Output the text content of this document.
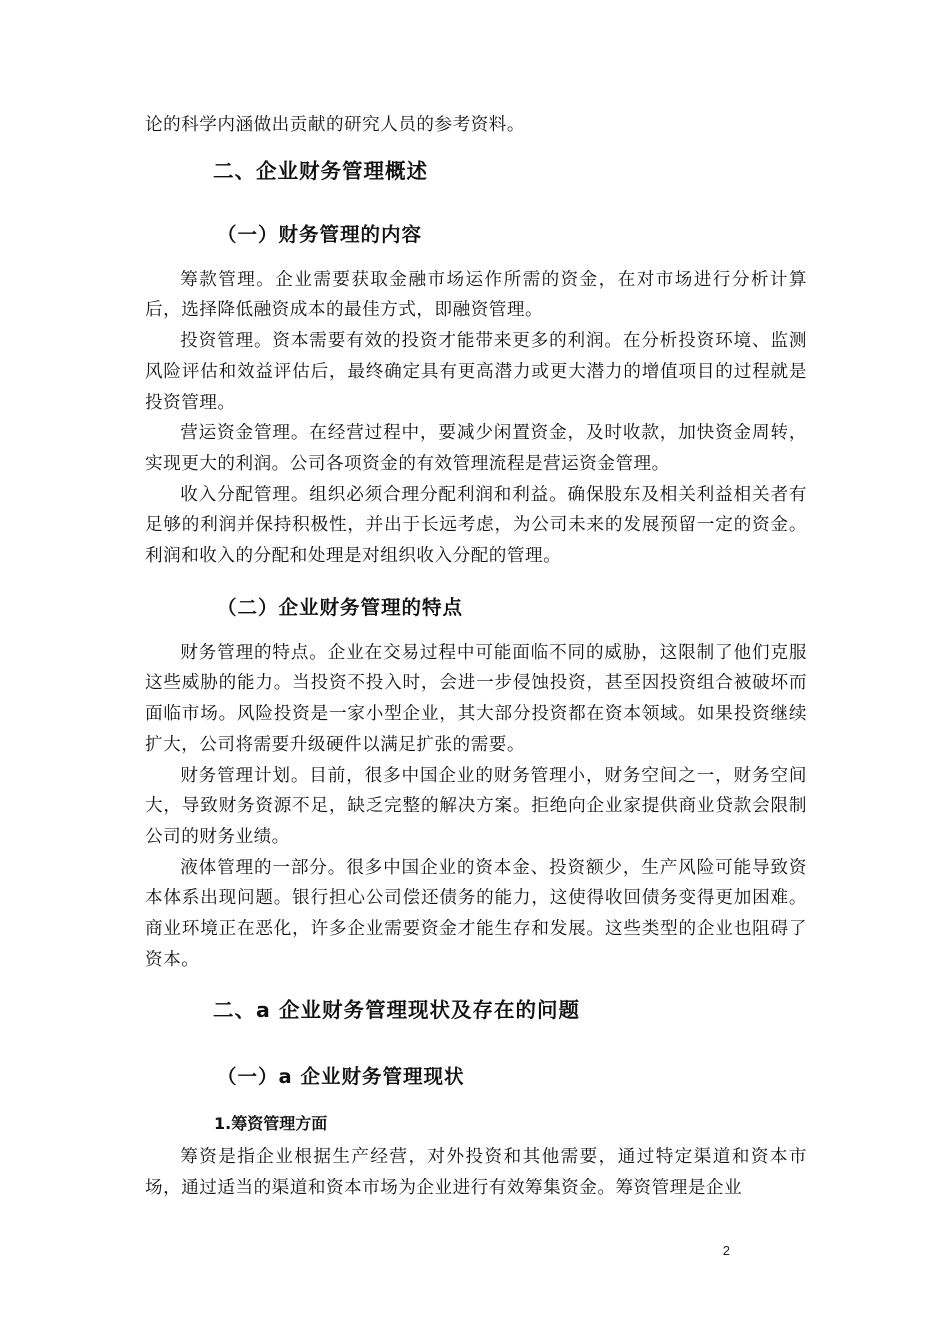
论的科学内涵做出贡献的研究人员的参考资料。

二、企业财务管理概述
（一）财务管理的内容

筹款管理。企业需要获取金融市场运作所需的资金，在对市场进行分析计算后，选择降低融资成本的最佳方式，即融资管理。

投资管理。资本需要有效的投资才能带来更多的利润。在分析投资环境、监测风险评估和效益评估后，最终确定具有更高潜力或更大潜力的增值项目的过程就是投资管理。

营运资金管理。在经营过程中，要减少闲置资金，及时收款，加快资金周转，实现更大的利润。公司各项资金的有效管理流程是营运资金管理。

收入分配管理。组织必须合理分配利润和利益。确保股东及相关利益相关者有足够的利润并保持积极性，并出于长远考虑，为公司未来的发展预留一定的资金。利润和收入的分配和处理是对组织收入分配的管理。

（二）企业财务管理的特点

财务管理的特点。企业在交易过程中可能面临不同的威胁，这限制了他们克服这些威胁的能力。当投资不投入时，会进一步侵蚀投资，甚至因投资组合被破坏而面临市场。风险投资是一家小型企业，其大部分投资都在资本领域。如果投资继续扩大，公司将需要升级硬件以满足扩张的需要。

财务管理计划。目前，很多中国企业的财务管理小，财务空间之一，财务空间大，导致财务资源不足，缺乏完整的解决方案。拒绝向企业家提供商业贷款会限制公司的财务业绩。

液体管理的一部分。很多中国企业的资本金、投资额少，生产风险可能导致资本体系出现问题。银行担心公司偿还债务的能力，这使得收回债务变得更加困难。商业环境正在恶化，许多企业需要资金才能生存和发展。这些类型的企业也阻碍了资本。

二、a 企业财务管理现状及存在的问题
（一）a 企业财务管理现状
1.筹资管理方面

筹资是指企业根据生产经营，对外投资和其他需要，通过特定渠道和资本市场，通过适当的渠道和资本市场为企业进行有效筹集资金。筹资管理是企业

2
